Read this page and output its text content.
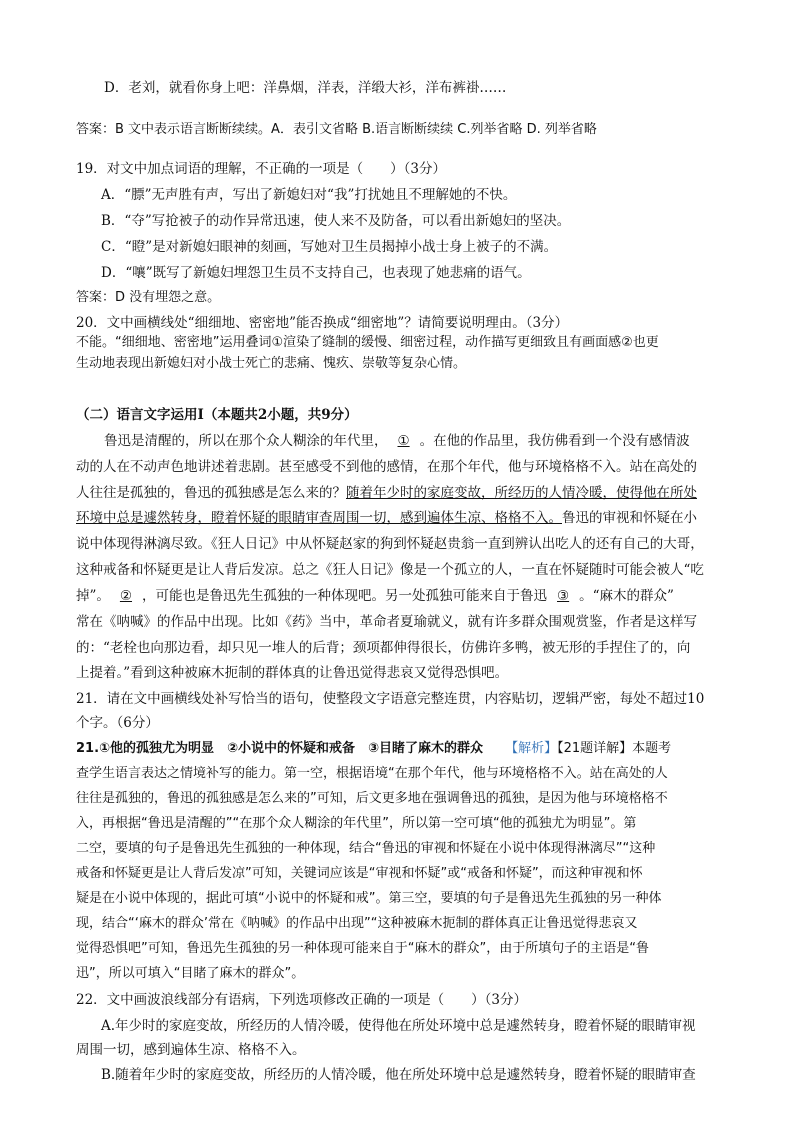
D．老刘，就看你身上吧：洋鼻烟，洋表，洋缎大衫，洋布裤褂……
答案：B 文中表示语言断断续续。A．表引文省略 B.语言断断续续 C.列举省略 D. 列举省略
19．对文中加点词语的理解，不正确的一项是（　　）（3分）
A．“膘”无声胜有声，写出了新媳妇对“我”打扰她且不理解她的不快。
B．“夺”写抢被子的动作异常迅速，使人来不及防备，可以看出新媳妇的坚决。
C．“瞪”是对新媳妇眼神的刻画，写她对卫生员揭掉小战士身上被子的不满。
D．“嚷”既写了新媳妇埋怨卫生员不支持自己，也表现了她悲痛的语气。
答案：D 没有埋怨之意。
20．文中画横线处“细细地、密密地”能否换成“细密地”？请简要说明理由。（3分）
不能。“细细地、密密地”运用叠词①渲染了缝制的缓慢、细密过程，动作描写更细致且有画面感②也更
生动地表现出新媳妇对小战士死亡的悲痛、愧疚、崇敬等复杂心情。
（二）语言文字运用Ⅰ（本题共2小题，共9分）
鲁迅是清醒的，所以在那个众人糊涂的年代里， ① 。在他的作品里，我仿佛看到一个没有感情波
动的人在不动声色地讲述着悲剧。甚至感受不到他的感情，在那个年代，他与环境格格不入。站在高处的
人往往是孤独的，鲁迅的孤独感是怎么来的？随着年少时的家庭变故，所经历的人情冷暖，使得他在所处
环境中总是遽然转身，瞪着怀疑的眼睛审查周围一切，感到遍体生凉、格格不入。鲁迅的审视和怀疑在小
说中体现得淋漓尽致。《狂人日记》中从怀疑赵家的狗到怀疑赵贵翁一直到辨认出吃人的还有自己的大哥，
这种戒备和怀疑更是让人背后发凉。总之《狂人日记》像是一个孤立的人，一直在怀疑随时可能会被人“吃
掉”。 ② ，可能也是鲁迅先生孤独的一种体现吧。另一处孤独可能来自于鲁迅 ③ 。“麻木的群众”
常在《呐喊》的作品中出现。比如《药》当中，革命者夏瑜就义，就有许多群众围观赏鉴，作者是这样写
的：“老栓也向那边看，却只见一堆人的后背；颈项都伸得很长，仿佛许多鸭，被无形的手捏住了的，向
上提着。”看到这种被麻木扼制的群体真的让鲁迅觉得悲哀又觉得恐惧吧。
21．请在文中画横线处补写恰当的语句，使整段文字语意完整连贯，内容贴切，逻辑严密，每处不超过10
个字。（6分）
21.①他的孤独尤为明显　②小说中的怀疑和戒备　③目睹了麻木的群众 【解析】【21题详解】本题考
查学生语言表达之情境补写的能力。第一空，根据语境“在那个年代，他与环境格格不入。站在高处的人
往往是孤独的，鲁迅的孤独感是怎么来的”可知，后文更多地在强调鲁迅的孤独，是因为他与环境格格不
入，再根据“鲁迅是清醒的”“在那个众人糊涂的年代里”，所以第一空可填“他的孤独尤为明显”。第
二空，要填的句子是鲁迅先生孤独的一种体现，结合“鲁迅的审视和怀疑在小说中体现得淋漓尽”“这种
戒备和怀疑更是让人背后发凉”可知，关键词应该是“审视和怀疑”或“戒备和怀疑”，而这种审视和怀
疑是在小说中体现的，据此可填“小说中的怀疑和戒”。第三空，要填的句子是鲁迅先生孤独的另一种体
现，结合“‘麻木的群众’常在《呐喊》的作品中出现”“这种被麻木扼制的群体真正让鲁迅觉得悲哀又
觉得恐惧吧”可知，鲁迅先生孤独的另一种体现可能来自于“麻木的群众”，由于所填句子的主语是“鲁
迅”，所以可填入“目睹了麻木的群众”。
22．文中画波浪线部分有语病，下列选项修改正确的一项是（　　）（3分）
A.年少时的家庭变故，所经历的人情冷暖，使得他在所处环境中总是遽然转身，瞪着怀疑的眼睛审视
周围一切，感到遍体生凉、格格不入。
B.随着年少时的家庭变故，所经历的人情冷暖，他在所处环境中总是遽然转身，瞪着怀疑的眼睛审查
